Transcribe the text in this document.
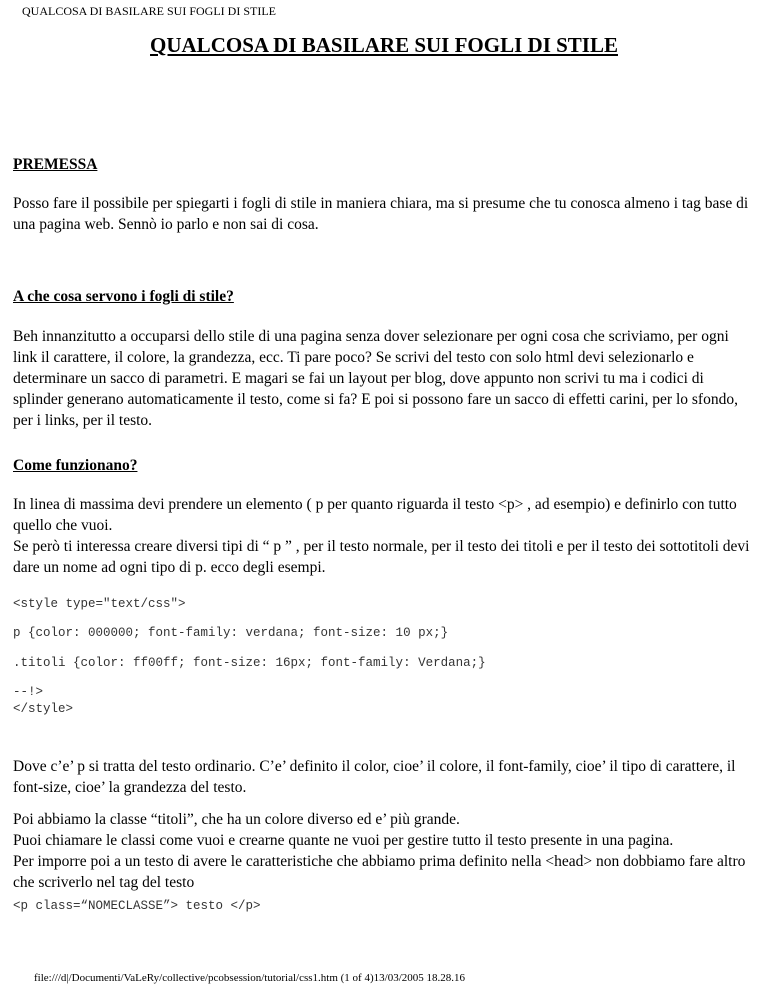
QUALCOSA DI BASILARE SUI FOGLI DI STILE
QUALCOSA DI BASILARE SUI FOGLI DI STILE
PREMESSA

Posso fare il possibile per spiegarti i fogli di stile in maniera chiara, ma si presume che tu conosca almeno i tag base di una pagina web. Sennò io parlo e non sai di cosa.

A che cosa servono i fogli di stile?

Beh innanzitutto a occuparsi dello stile di una pagina senza dover selezionare per ogni cosa che scriviamo, per ogni link il carattere, il colore, la grandezza, ecc. Ti pare poco? Se scrivi del testo con solo html devi selezionarlo e determinare un sacco di parametri. E magari se fai un layout per blog, dove appunto non scrivi tu ma i codici di splinder generano automaticamente il testo, come si fa? E poi si possono fare un sacco di effetti carini, per lo sfondo, per i links, per il testo.

Come funzionano?

In linea di massima devi prendere un elemento ( p per quanto riguarda il testo <p> , ad esempio) e definirlo con tutto quello che vuoi.

Se però ti interessa creare diversi tipi di “ p ” , per il testo normale, per il testo dei titoli e per il testo dei sottotitoli devi dare un nome ad ogni tipo di p. ecco degli esempi.

<style type="text/css">
p {color: 000000; font-family: verdana; font-size: 10 px;}
.titoli {color: ff00ff; font-size: 16px; font-family: Verdana;}
--!>
</style>

Dove c’e’ p si tratta del testo ordinario. C’e’ definito il color, cioe’ il colore, il font-family, cioe’ il tipo di carattere, il font-size, cioe’ la grandezza del testo.

Poi abbiamo la classe “titoli”, che ha un colore diverso ed e’ più grande.

Puoi chiamare le classi come vuoi e crearne quante ne vuoi per gestire tutto il testo presente in una pagina.

Per imporre poi a un testo di avere le caratteristiche che abbiamo prima definito nella <head> non dobbiamo fare altro che scriverlo nel tag del testo

<p class=“NOMECLASSE”> testo </p>
file:///d|/Documenti/VaLeRy/collective/pcobsession/tutorial/css1.htm (1 of 4)13/03/2005 18.28.16
